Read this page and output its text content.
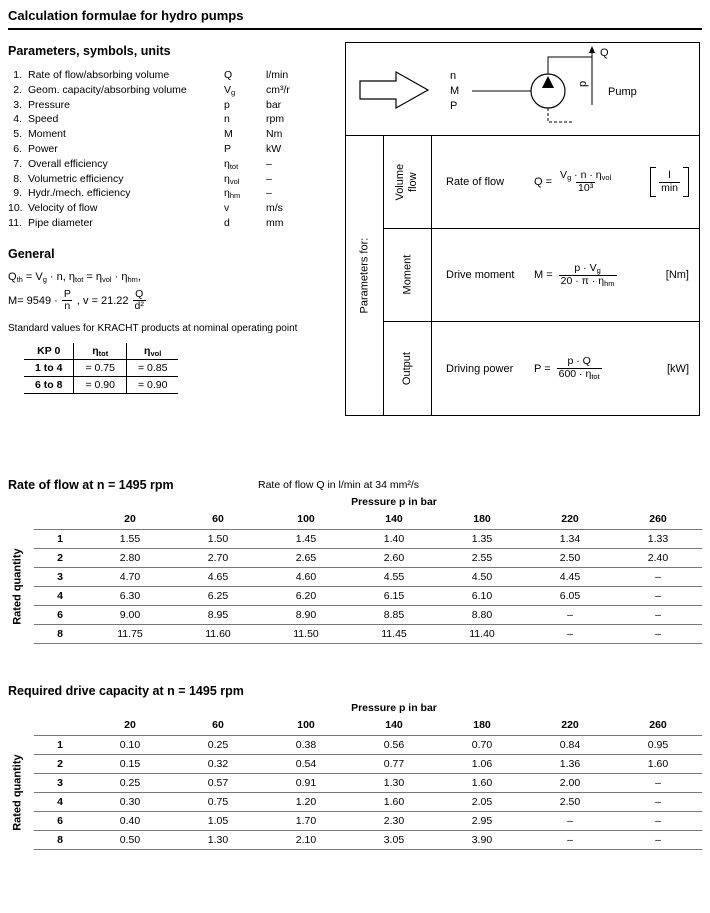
Calculation formulae for hydro pumps
Parameters, symbols, units
1. Rate of flow/absorbing volume	Q	l/min
2. Geom. capacity/absorbing volume	$V_g$	cm³/r
3. Pressure	p	bar
4. Speed	n	rpm
5. Moment	M	Nm
6. Power	P	kW
7. Overall efficiency	$\eta_{tot}$	–
8. Volumetric efficiency	$\eta_{vol}$	–
9. Hydr./mech. efficiency	$\eta_{hm}$	–
10. Velocity of flow	v	m/s
11. Pipe diameter	d	mm
General
$Q_{th} = V_g \cdot n$, $\eta_{tot} = \eta_{vol} \cdot \eta_{hm}$,
$M= 9549 \cdot \frac{P}{n}$ , $v = 21.22 \frac{Q}{\text{d²}}$
Standard values for KRACHT products at nominal operating point
KP 0	$\eta_{tot}$	$\eta_{vol}$
1 to 4	= 0.75	= 0.85
6 to 8	= 0.90	= 0.90
n
M
P
Q
p
Pump
Parameters for:
Volume flow Rate of flow	$Q = \frac{V_g \cdot n \cdot \eta_{vol}}{\text{10³}}$	$\frac{l}{\min}$
Moment	Drive moment	$M = \frac{p \cdot V_g}{20 \cdot \pi \cdot \eta_{hm}}$	[Nm]
Output	Driving power	$P = \frac{p \cdot Q}{600 \cdot \eta_{tot}}$	[kW]
Rate of flow at n = 1495 rpm	Rate of flow Q in l/min at 34 mm²/s
Pressure p in bar
Rated quantity
	20	60	100	140	180	220	260
1	1.55	1.50	1.45	1.40	1.35	1.34	1.33
2	2.80	2.70	2.65	2.60	2.55	2.50	2.40
3	4.70	4.65	4.60	4.55	4.50	4.45	–
4	6.30	6.25	6.20	6.15	6.10	6.05	–
6	9.00	8.95	8.90	8.85	8.80	–	–
8	11.75	11.60	11.50	11.45	11.40	–	–
Required drive capacity at n = 1495 rpm
Pressure p in bar
Rated quantity
	20	60	100	140	180	220	260
1	0.10	0.25	0.38	0.56	0.70	0.84	0.95
2	0.15	0.32	0.54	0.77	1.06	1.36	1.60
3	0.25	0.57	0.91	1.30	1.60	2.00	–
4	0.30	0.75	1.20	1.60	2.05	2.50	–
6	0.40	1.05	1.70	2.30	2.95	–	–
8	0.50	1.30	2.10	3.05	3.90	–	–
